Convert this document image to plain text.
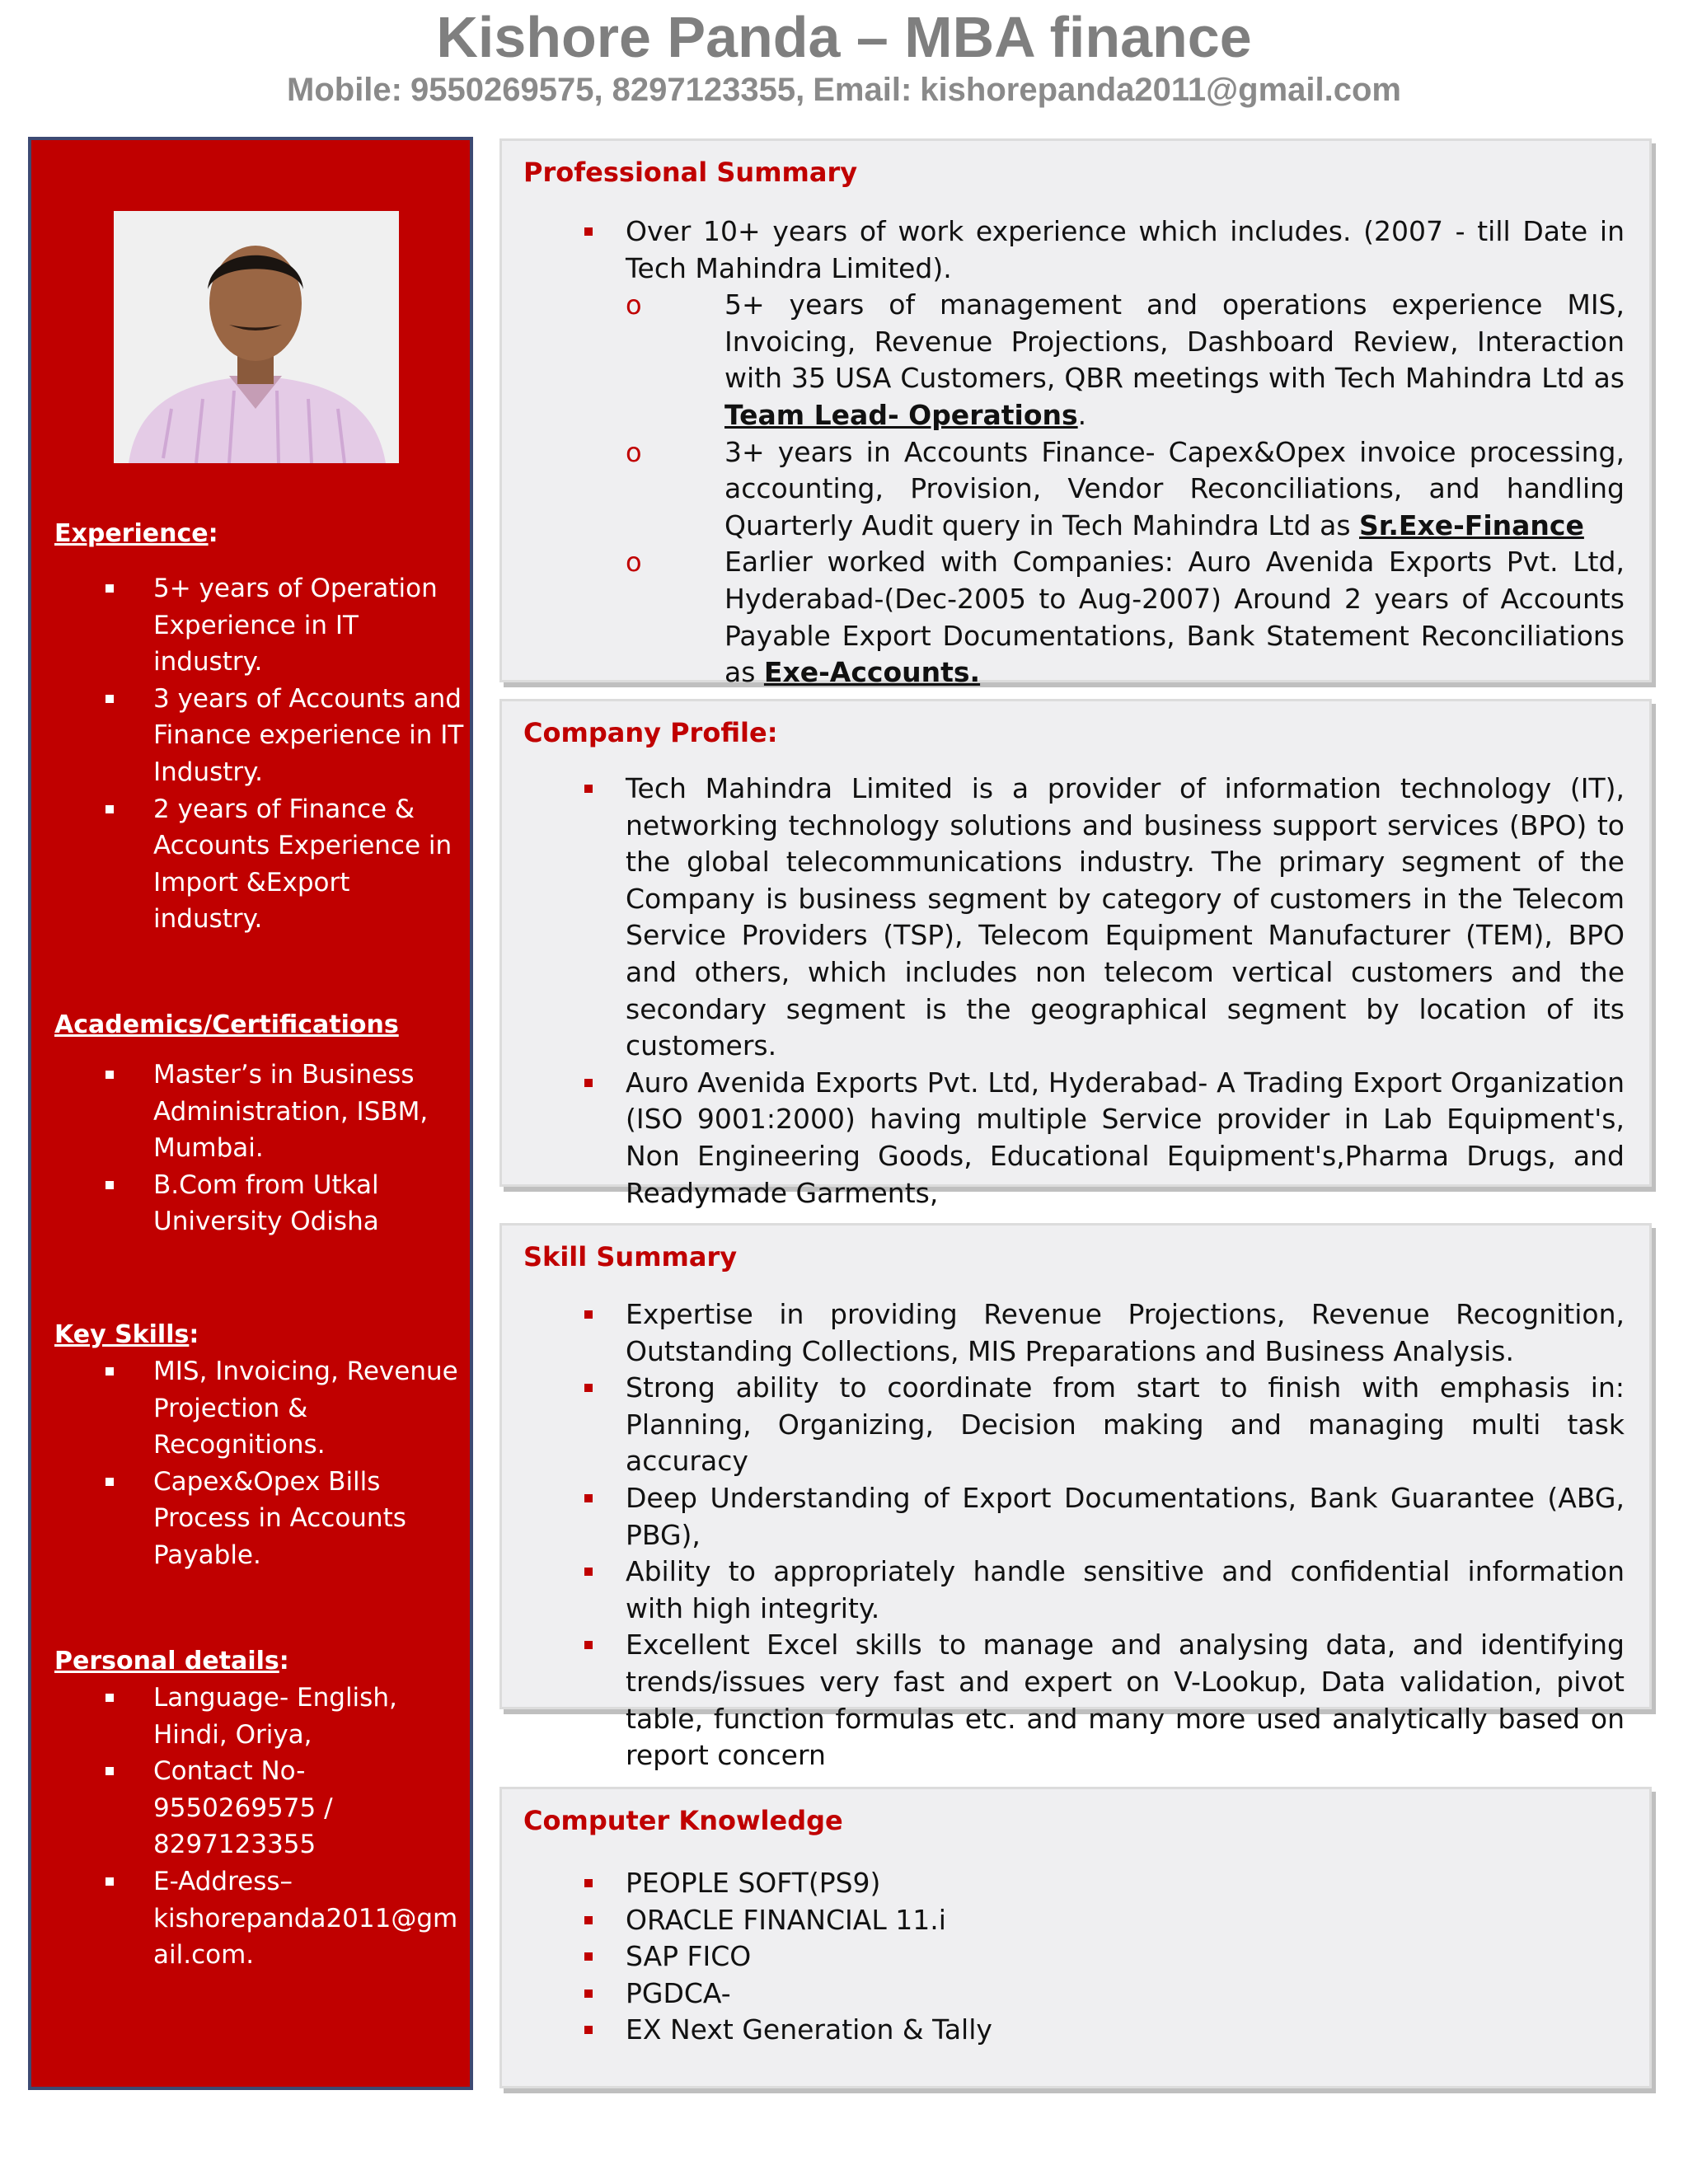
Kishore Panda – MBA finance
Mobile: 9550269575, 8297123355, Email: kishorepanda2011@gmail.com
Experience:
5+ years of Operation
Experience in IT
industry.
3 years of Accounts and
Finance experience in IT
Industry.
2 years of Finance &
Accounts Experience in
Import &Export
industry.
Academics/Certifications
Master’s in Business
Administration, ISBM,
Mumbai.
B.Com from Utkal
University Odisha
Key Skills:
MIS, Invoicing, Revenue
Projection &
Recognitions.
Capex&Opex Bills
Process in Accounts
Payable.
Personal details:
Language- English,
Hindi, Oriya,
Contact No-
9550269575 /
8297123355
E-Address–
kishorepanda2011@gm
ail.com.
Professional Summary
Over 10+ years of work experience which includes. (2007 - till Date in Tech Mahindra Limited).
o 5+ years of management and operations experience MIS, Invoicing, Revenue Projections, Dashboard Review, Interaction with 35 USA Customers, QBR meetings with Tech Mahindra Ltd as Team Lead- Operations.
o 3+ years in Accounts Finance- Capex&Opex invoice processing, accounting, Provision, Vendor Reconciliations, and handling Quarterly Audit query in Tech Mahindra Ltd as Sr.Exe-Finance
o Earlier worked with Companies: Auro Avenida Exports Pvt. Ltd, Hyderabad-(Dec-2005 to Aug-2007) Around 2 years of Accounts Payable Export Documentations, Bank Statement Reconciliations as Exe-Accounts.
Company Profile:
Tech Mahindra Limited is a provider of information technology (IT), networking technology solutions and business support services (BPO) to the global telecommunications industry. The primary segment of the Company is business segment by category of customers in the Telecom Service Providers (TSP), Telecom Equipment Manufacturer (TEM), BPO and others, which includes non telecom vertical customers and the secondary segment is the geographical segment by location of its customers.
Auro Avenida Exports Pvt. Ltd, Hyderabad- A Trading Export Organization (ISO 9001:2000) having multiple Service provider in Lab Equipment's, Non Engineering Goods, Educational Equipment's,Pharma Drugs, and Readymade Garments,
Skill Summary
Expertise in providing Revenue Projections, Revenue Recognition, Outstanding Collections, MIS Preparations and Business Analysis.
Strong ability to coordinate from start to finish with emphasis in: Planning, Organizing, Decision making and managing multi task accuracy
Deep Understanding of Export Documentations, Bank Guarantee (ABG, PBG),
Ability to appropriately handle sensitive and confidential information with high integrity.
Excellent Excel skills to manage and analysing data, and identifying trends/issues very fast and expert on V-Lookup, Data validation, pivot table, function formulas etc. and many more used analytically based on report concern
Computer Knowledge
PEOPLE SOFT(PS9)
ORACLE FINANCIAL 11.i
SAP FICO
PGDCA-
EX Next Generation & Tally
